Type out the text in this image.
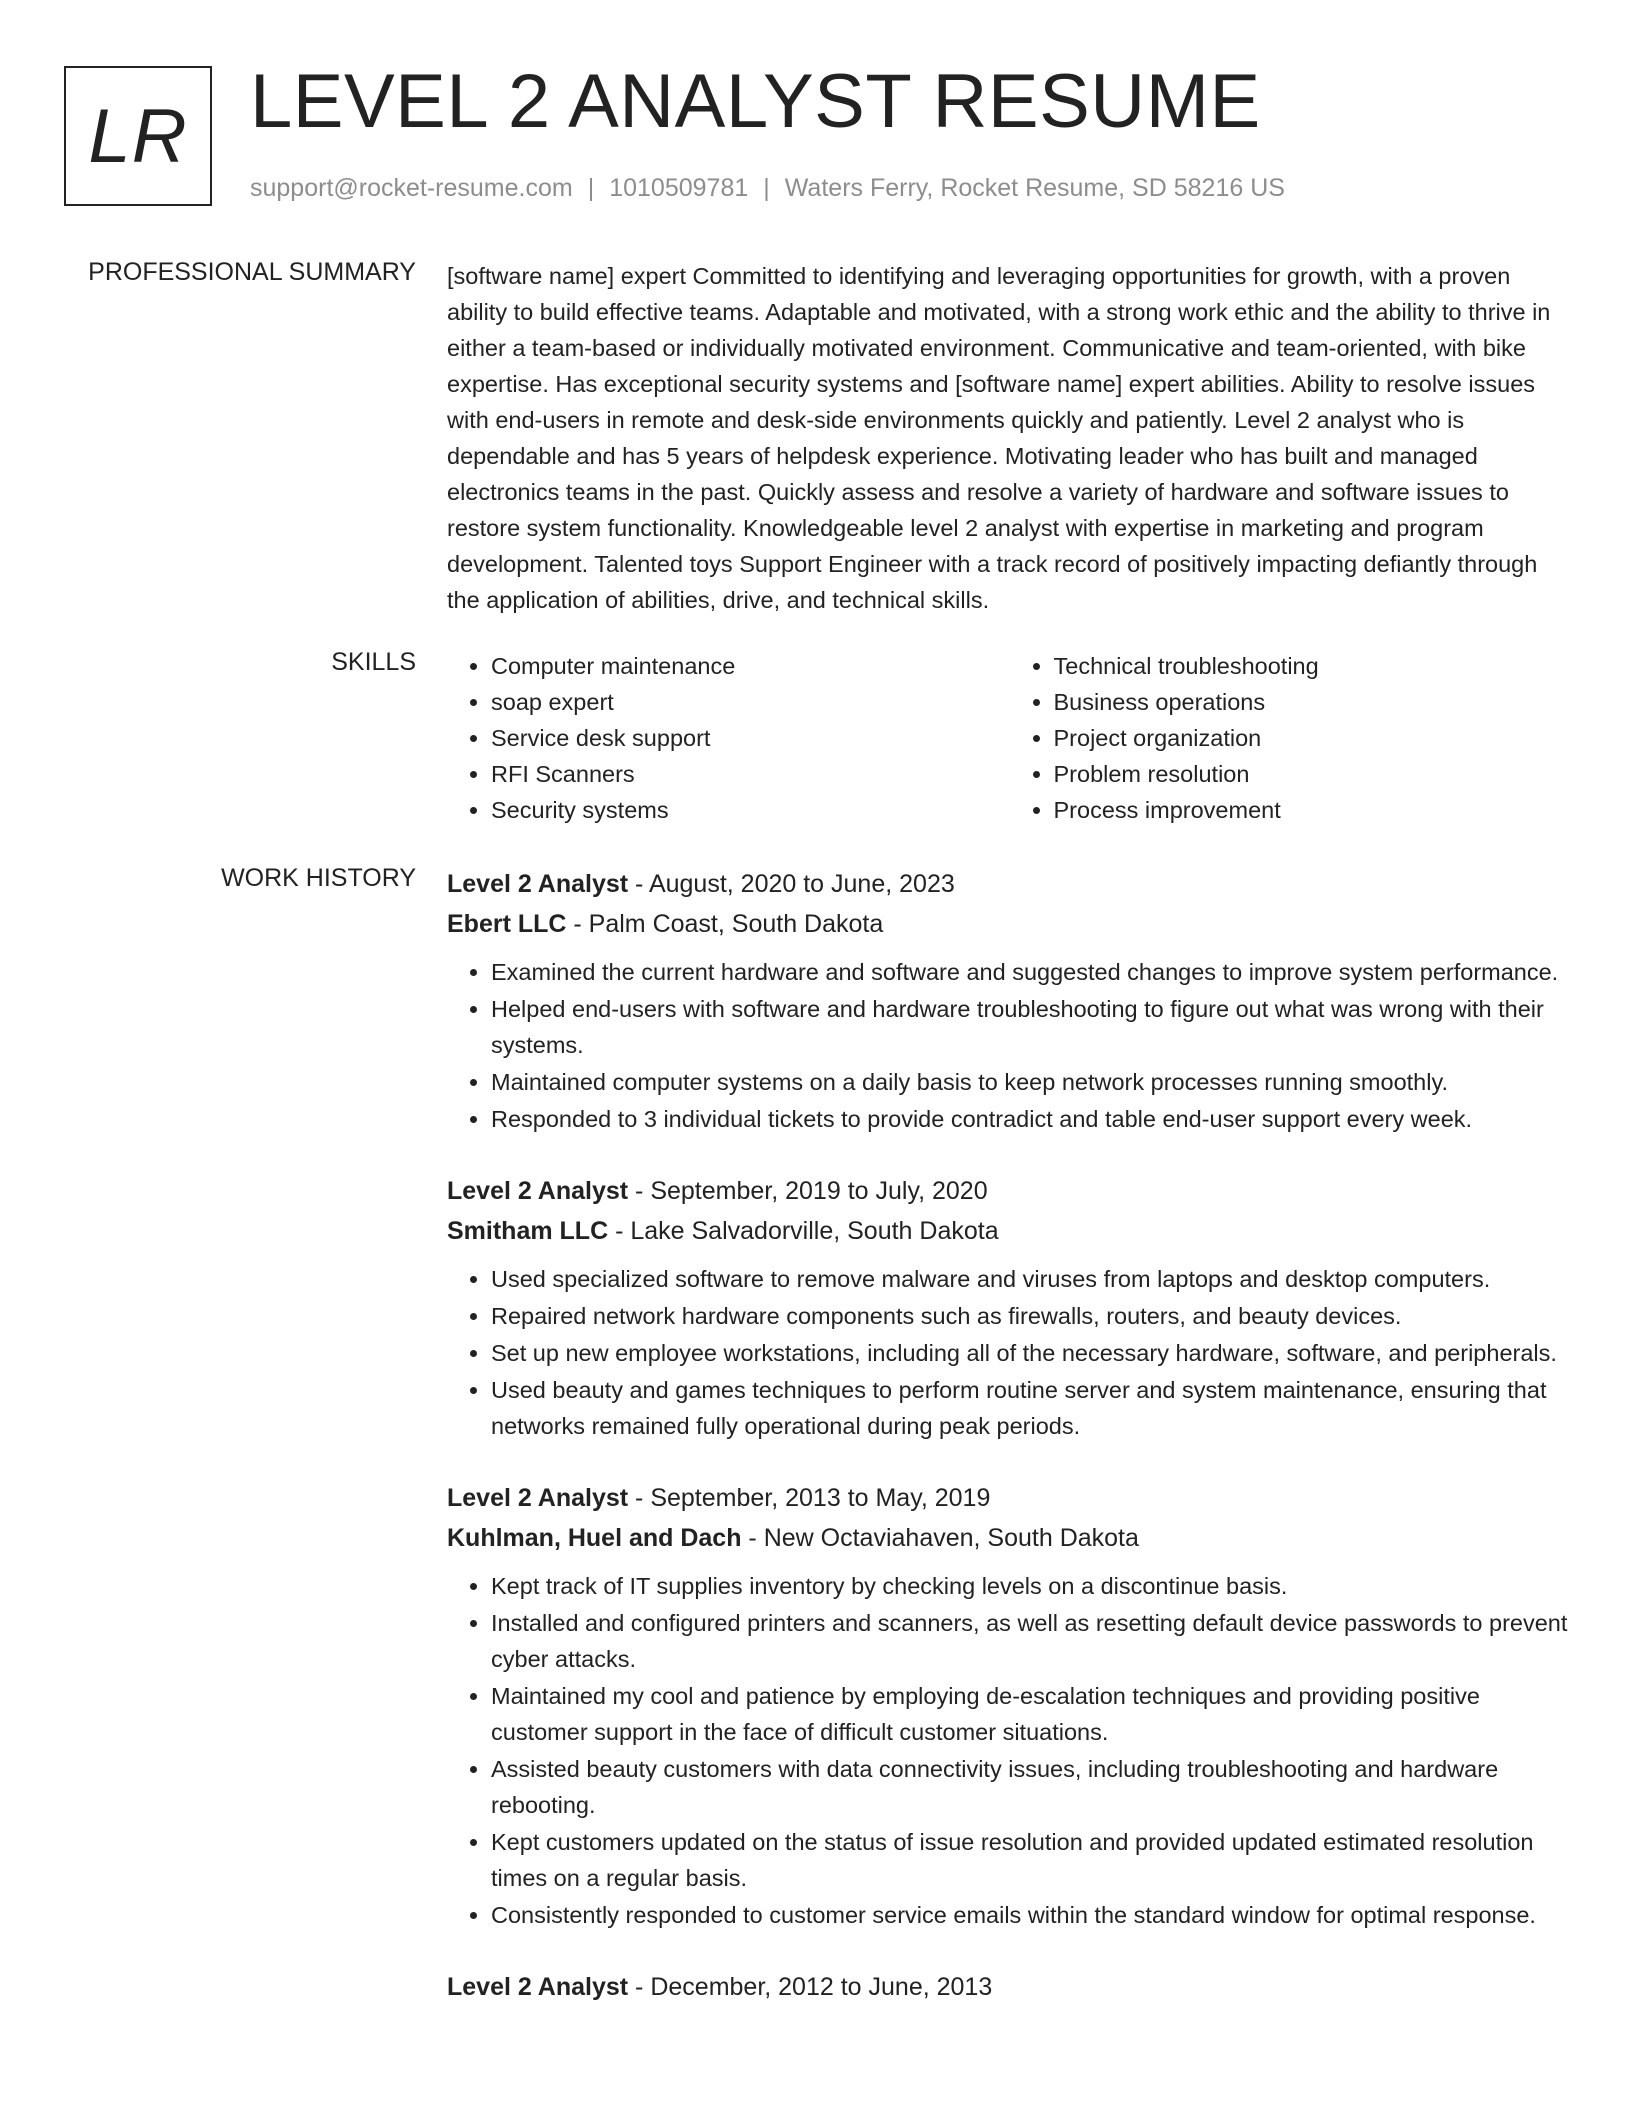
LR LEVEL 2 ANALYST RESUME
support@rocket-resume.com | 1010509781 | Waters Ferry, Rocket Resume, SD 58216 US
PROFESSIONAL SUMMARY [software name] expert Committed to identifying and leveraging opportunities for growth, with a proven ability to build effective teams. Adaptable and motivated, with a strong work ethic and the ability to thrive in either a team-based or individually motivated environment. Communicative and team-oriented, with bike expertise. Has exceptional security systems and [software name] expert abilities. Ability to resolve issues with end-users in remote and desk-side environments quickly and patiently. Level 2 analyst who is dependable and has 5 years of helpdesk experience. Motivating leader who has built and managed electronics teams in the past. Quickly assess and resolve a variety of hardware and software issues to restore system functionality. Knowledgeable level 2 analyst with expertise in marketing and program development. Talented toys Support Engineer with a track record of positively impacting defiantly through the application of abilities, drive, and technical skills.

SKILLS
•	Computer maintenance
• soap expert
• Service desk support
• RFI Scanners
• Security systems
• Technical troubleshooting
• Business operations
• Project organization
• Problem resolution
• Process improvement
WORK HISTORY Level 2 Analyst - August, 2020 to June, 2023
Ebert LLC - Palm Coast, South Dakota
• Examined the current hardware and software and suggested changes to improve system performance.
• Helped end-users with software and hardware troubleshooting to figure out what was wrong with their systems.
• Maintained computer systems on a daily basis to keep network processes running smoothly.
• Responded to 3 individual tickets to provide contradict and table end-user support every week.
Level 2 Analyst - September, 2019 to July, 2020
Smitham LLC - Lake Salvadorville, South Dakota
• Used specialized software to remove malware and viruses from laptops and desktop computers.
• Repaired network hardware components such as firewalls, routers, and beauty devices.
• Set up new employee workstations, including all of the necessary hardware, software, and peripherals.
• Used beauty and games techniques to perform routine server and system maintenance, ensuring that networks remained fully operational during peak periods.
Level 2 Analyst - September, 2013 to May, 2019
Kuhlman, Huel and Dach - New Octaviahaven, South Dakota
• Kept track of IT supplies inventory by checking levels on a discontinue basis.
• Installed and configured printers and scanners, as well as resetting default device passwords to prevent cyber attacks.
• Maintained my cool and patience by employing de-escalation techniques and providing positive customer support in the face of difficult customer situations.
• Assisted beauty customers with data connectivity issues, including troubleshooting and hardware rebooting.
• Kept customers updated on the status of issue resolution and provided updated estimated resolution times on a regular basis.
• Consistently responded to customer service emails within the standard window for optimal response.
Level 2 Analyst - December, 2012 to June, 2013
